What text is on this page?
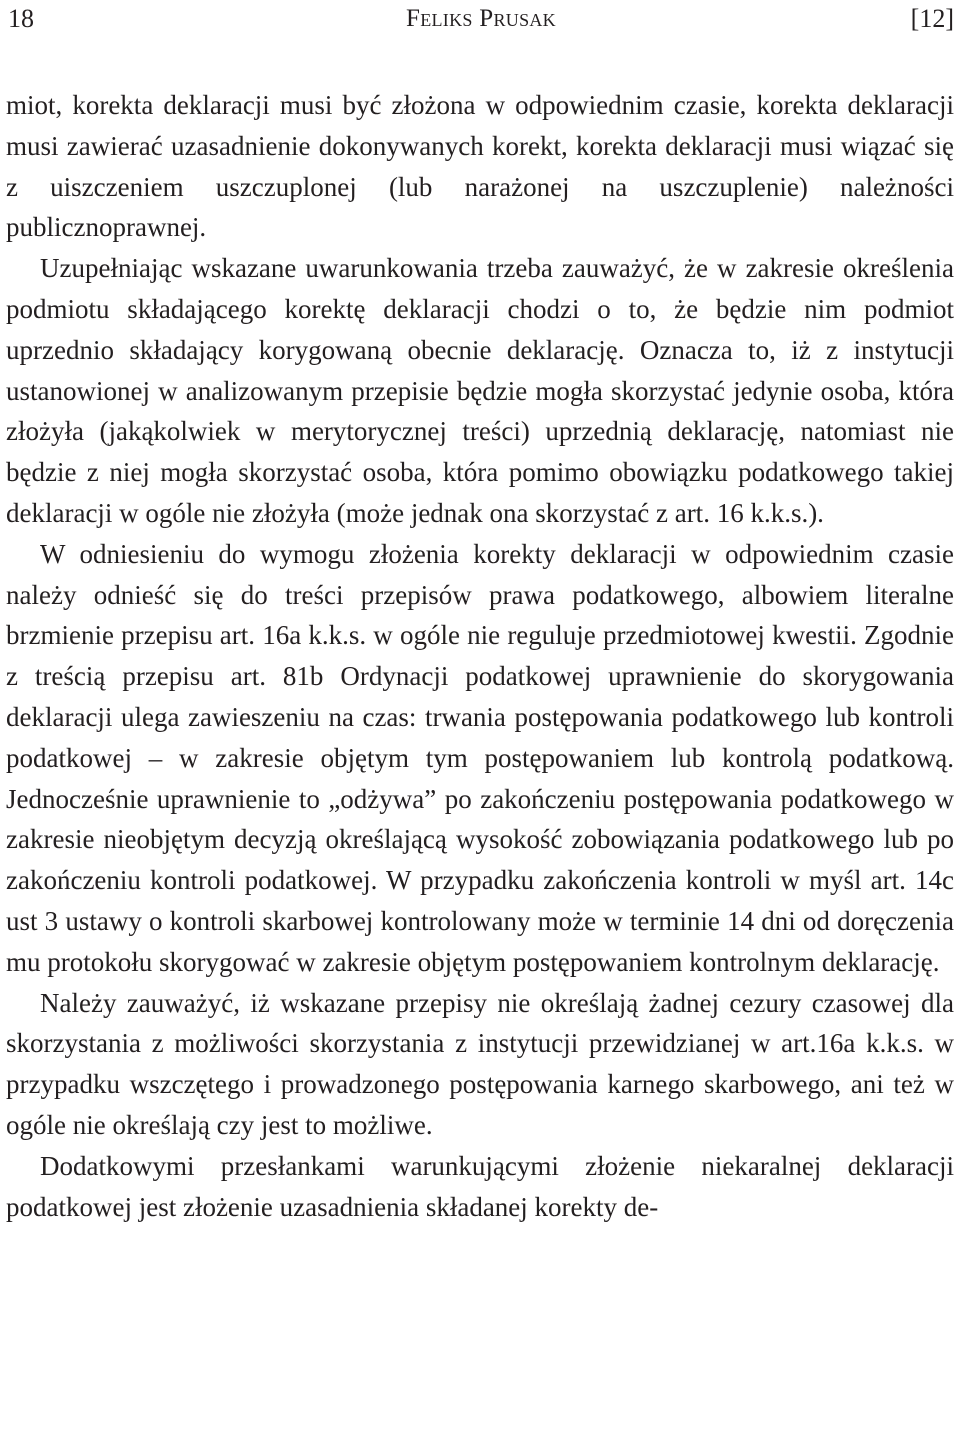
18	Feliks Prusak	[12]

miot, korekta deklaracji musi być złożona w odpowiednim czasie, korekta deklaracji musi zawierać uzasadnienie dokonywanych korekt, korekta deklaracji musi wiązać się z uiszczeniem uszczuplonej (lub narażonej na uszczuplenie) należności publicznoprawnej.

Uzupełniając wskazane uwarunkowania trzeba zauważyć, że w zakresie określenia podmiotu składającego korektę deklaracji chodzi o to, że będzie nim podmiot uprzednio składający korygowaną obecnie deklarację. Oznacza to, iż z instytucji ustanowionej w analizowanym przepisie będzie mogła skorzystać jedynie osoba, która złożyła (jakąkolwiek w merytorycznej treści) uprzednią deklarację, natomiast nie będzie z niej mogła skorzystać osoba, która pomimo obowiązku podatkowego takiej deklaracji w ogóle nie złożyła (może jednak ona skorzystać z art. 16 k.k.s.).

W odniesieniu do wymogu złożenia korekty deklaracji w odpowiednim czasie należy odnieść się do treści przepisów prawa podatkowego, albowiem literalne brzmienie przepisu art. 16a k.k.s. w ogóle nie reguluje przedmiotowej kwestii. Zgodnie z treścią przepisu art. 81b Ordynacji podatkowej uprawnienie do skorygowania deklaracji ulega zawieszeniu na czas: trwania postępowania podatkowego lub kontroli podatkowej – w zakresie objętym tym postępowaniem lub kontrolą podatkową. Jednocześnie uprawnienie to „odżywa” po zakończeniu postępowania podatkowego w zakresie nieobjętym decyzją określającą wysokość zobowiązania podatkowego lub po zakończeniu kontroli podatkowej. W przypadku zakończenia kontroli w myśl art. 14c ust 3 ustawy o kontroli skarbowej kontrolowany może w terminie 14 dni od doręczenia mu protokołu skorygować w zakresie objętym postępowaniem kontrolnym deklarację.

Należy zauważyć, iż wskazane przepisy nie określają żadnej cezury czasowej dla skorzystania z możliwości skorzystania z instytucji przewidzianej w art.16a k.k.s. w przypadku wszczętego i prowadzonego postępowania karnego skarbowego, ani też w ogóle nie określają czy jest to możliwe.

Dodatkowymi przesłankami warunkującymi złożenie niekaralnej deklaracji podatkowej jest złożenie uzasadnienia składanej korekty de-
